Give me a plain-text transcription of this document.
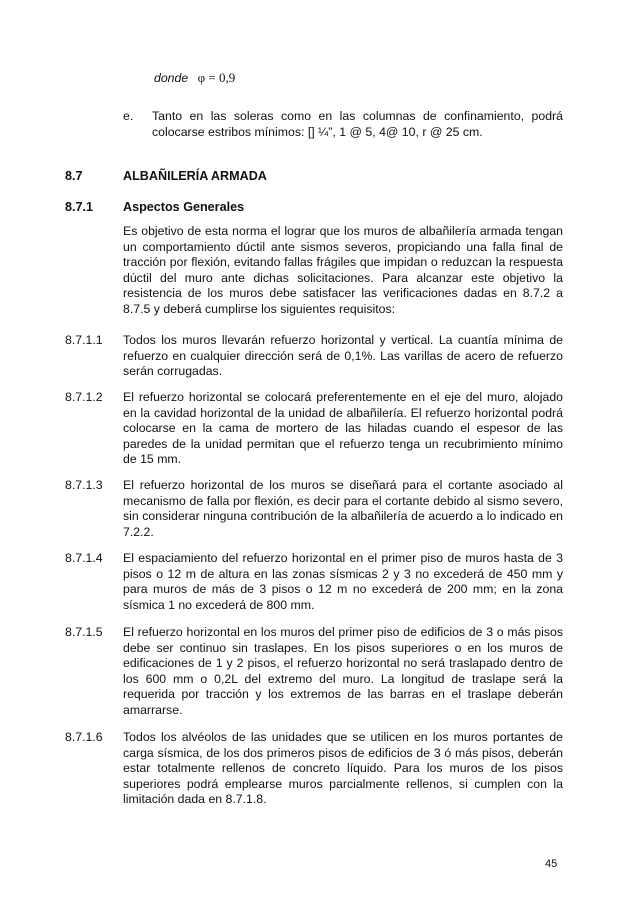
donde φ = 0,9
e. Tanto en las soleras como en las columnas de confinamiento, podrá colocarse estribos mínimos: [] ¼”, 1 @ 5, 4@ 10, r @ 25 cm.
8.7	ALBAÑILERÍA ARMADA
8.7.1 Aspectos Generales
Es objetivo de esta norma el lograr que los muros de albañilería armada tengan un comportamiento dúctil ante sismos severos, propiciando una falla final de tracción por flexión, evitando fallas frágiles que impidan o reduzcan la respuesta dúctil del muro ante dichas solicitaciones. Para alcanzar este objetivo la resistencia de los muros debe satisfacer las verificaciones dadas en 8.7.2 a 8.7.5 y deberá cumplirse los siguientes requisitos:
8.7.1.1 Todos los muros llevarán refuerzo horizontal y vertical. La cuantía mínima de refuerzo en cualquier dirección será de 0,1%. Las varillas de acero de refuerzo serán corrugadas.
8.7.1.2 El refuerzo horizontal se colocará preferentemente en el eje del muro, alojado en la cavidad horizontal de la unidad de albañilería. El refuerzo horizontal podrá colocarse en la cama de mortero de las hiladas cuando el espesor de las paredes de la unidad permitan que el refuerzo tenga un recubrimiento mínimo de 15 mm.
8.7.1.3 El refuerzo horizontal de los muros se diseñará para el cortante asociado al mecanismo de falla por flexión, es decir para el cortante debido al sismo severo, sin considerar ninguna contribución de la albañilería de acuerdo a lo indicado en 7.2.2.
8.7.1.4 El espaciamiento del refuerzo horizontal en el primer piso de muros hasta de 3 pisos o 12 m de altura en las zonas sísmicas 2 y 3 no excederá de 450 mm y para muros de más de 3 pisos o 12 m no excederá de 200 mm; en la zona sísmica 1 no excederá de 800 mm.
8.7.1.5 El refuerzo horizontal en los muros del primer piso de edificios de 3 o más pisos debe ser continuo sin traslapes. En los pisos superiores o en los muros de edificaciones de 1 y 2 pisos, el refuerzo horizontal no será traslapado dentro de los 600 mm o 0,2L del extremo del muro. La longitud de traslape será la requerida por tracción y los extremos de las barras en el traslape deberán amarrarse.
8.7.1.6 Todos los alvéolos de las unidades que se utilicen en los muros portantes de carga sísmica, de los dos primeros pisos de edificios de 3 ó más pisos, deberán estar totalmente rellenos de concreto líquido. Para los muros de los pisos superiores podrá emplearse muros parcialmente rellenos, si cumplen con la limitación dada en 8.7.1.8.
45
